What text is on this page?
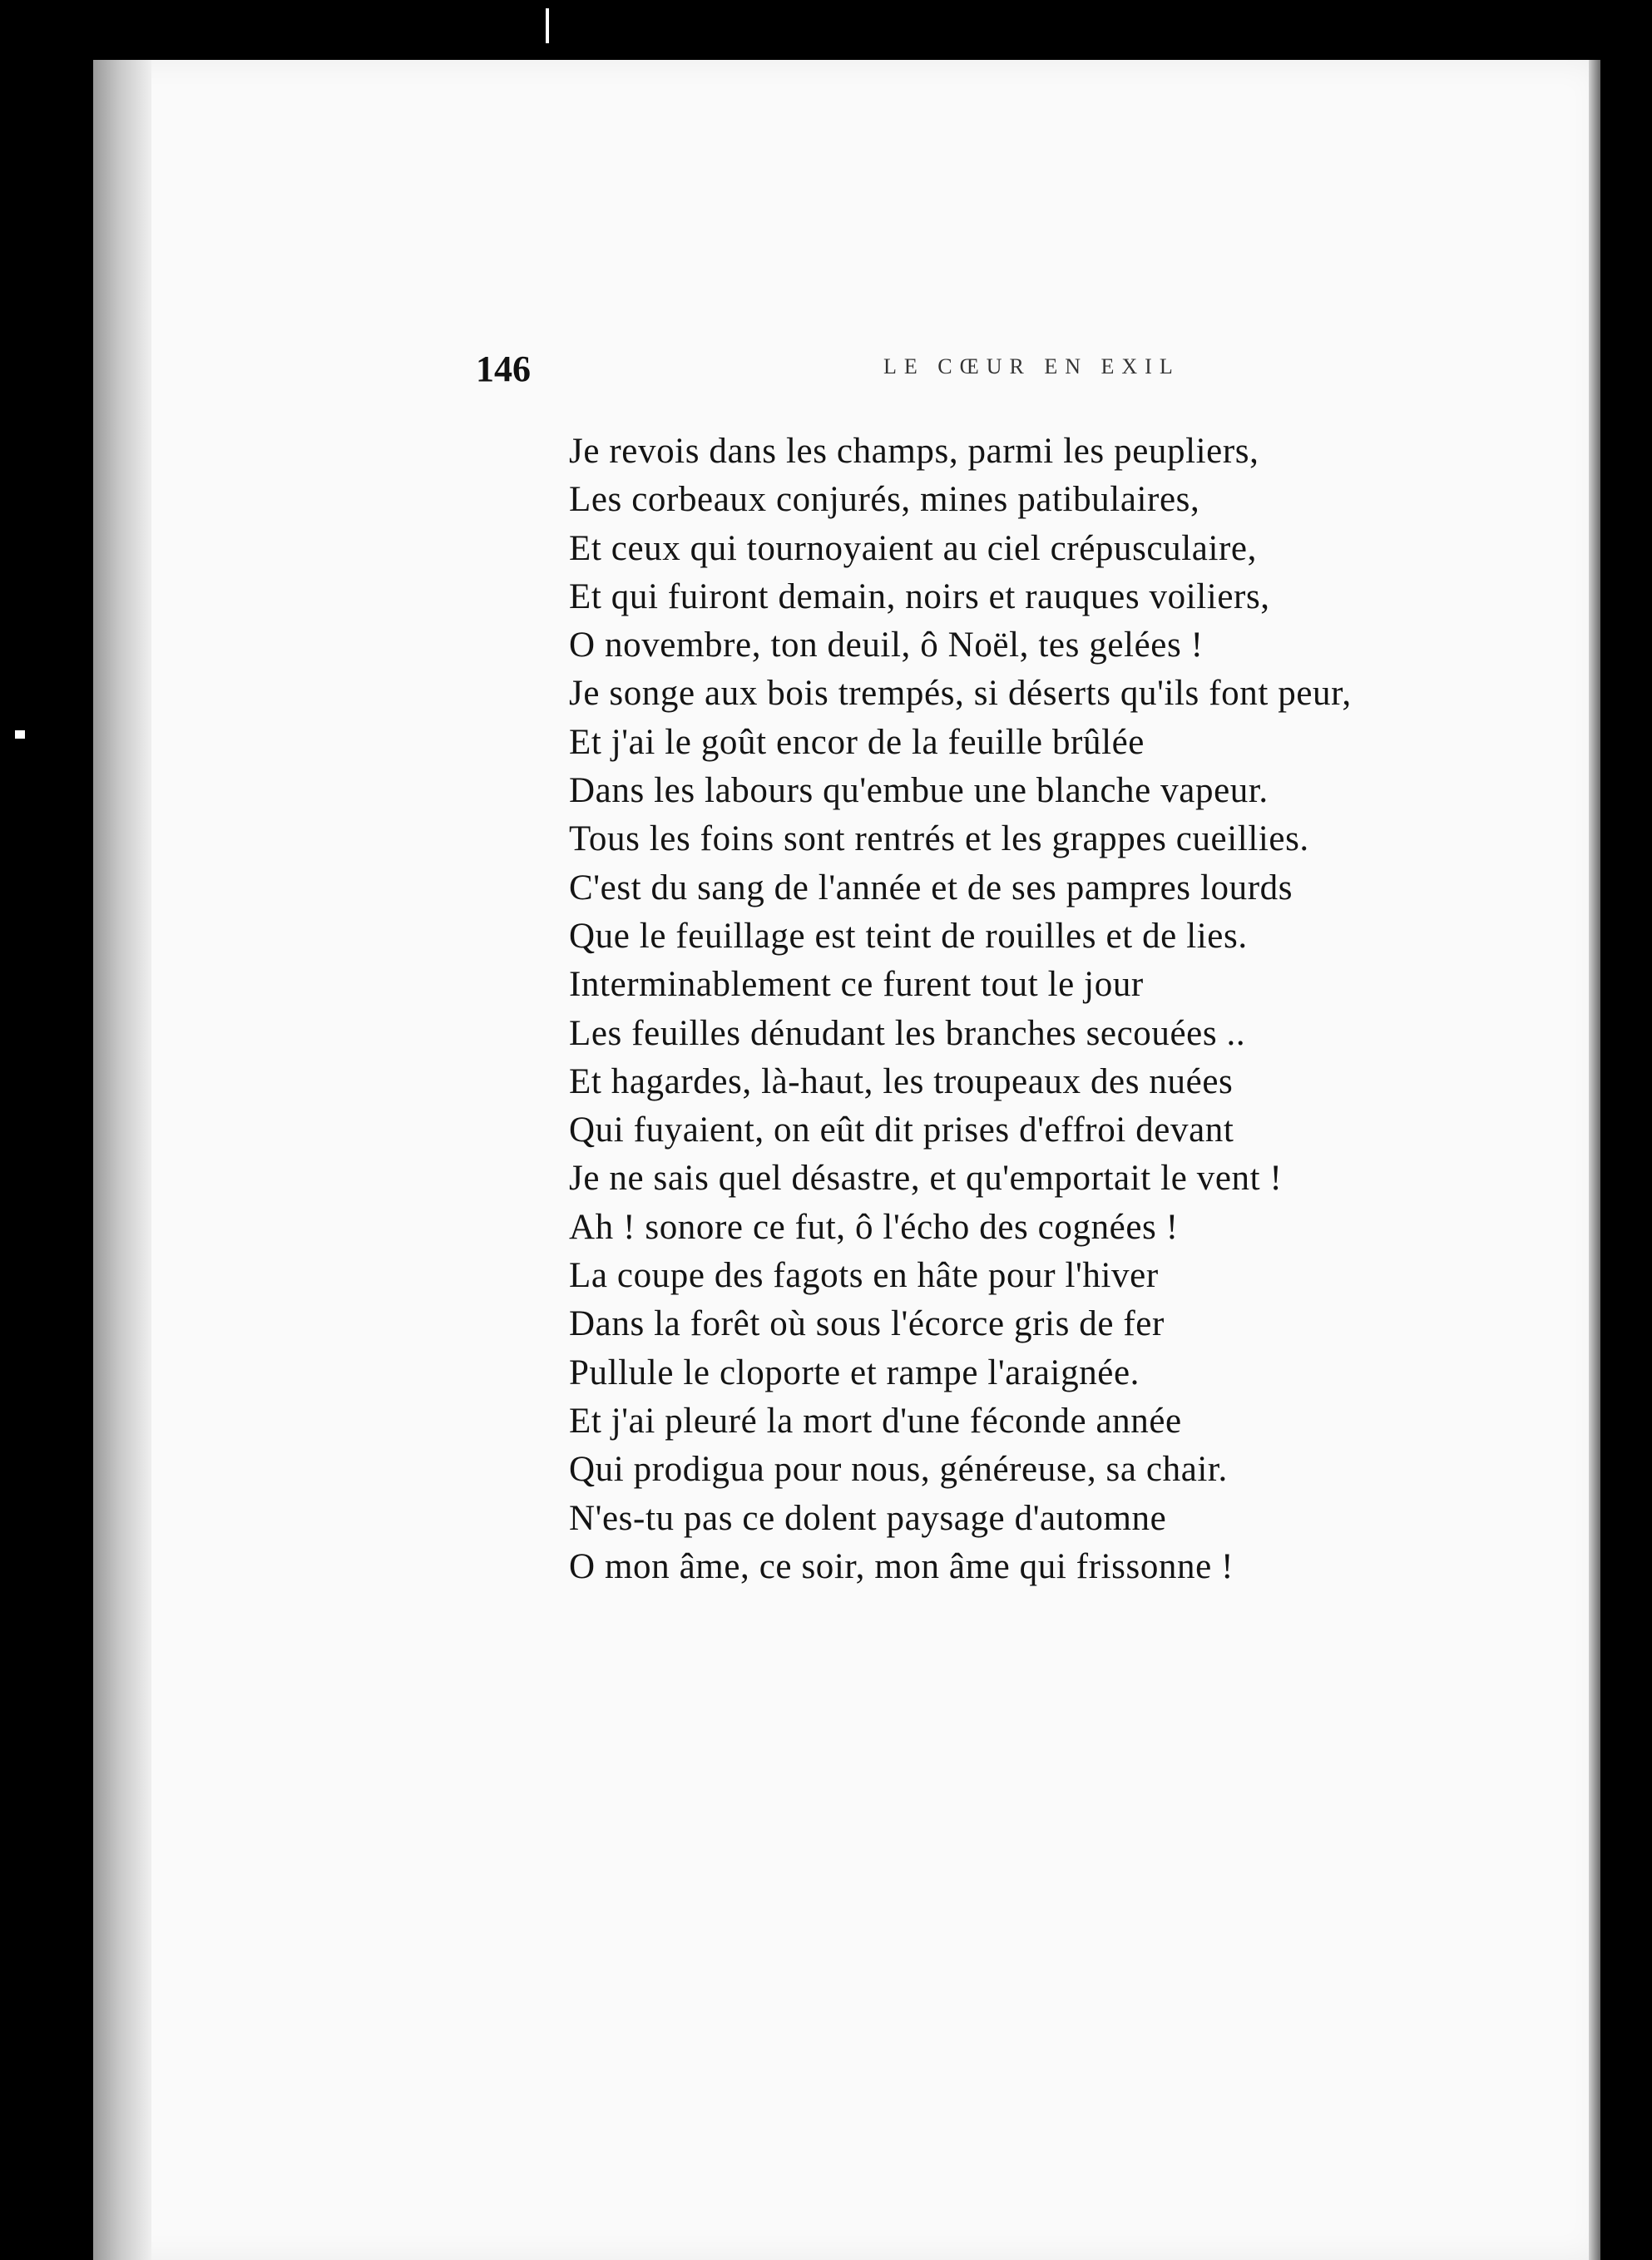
146	LE CŒUR EN EXIL
Je revois dans les champs, parmi les peupliers,
Les corbeaux conjurés, mines patibulaires,
Et ceux qui tournoyaient au ciel crépusculaire,
Et qui fuiront demain, noirs et rauques voiliers,
O novembre, ton deuil, ô Noël, tes gelées !
Je songe aux bois trempés, si déserts qu'ils font peur,
Et j'ai le goût encor de la feuille brûlée
Dans les labours qu'embue une blanche vapeur.
Tous les foins sont rentrés et les grappes cueillies.
C'est du sang de l'année et de ses pampres lourds
Que le feuillage est teint de rouilles et de lies.
Interminablement ce furent tout le jour
Les feuilles dénudant les branches secouées ..
Et hagardes, là-haut, les troupeaux des nuées
Qui fuyaient, on eût dit prises d'effroi devant
Je ne sais quel désastre, et qu'emportait le vent !
Ah ! sonore ce fut, ô l'écho des cognées !
La coupe des fagots en hâte pour l'hiver
Dans la forêt où sous l'écorce gris de fer
Pullule le cloporte et rampe l'araignée.
Et j'ai pleuré la mort d'une féconde année
Qui prodigua pour nous, généreuse, sa chair.
N'es-tu pas ce dolent paysage d'automne
O mon âme, ce soir, mon âme qui frissonne !
